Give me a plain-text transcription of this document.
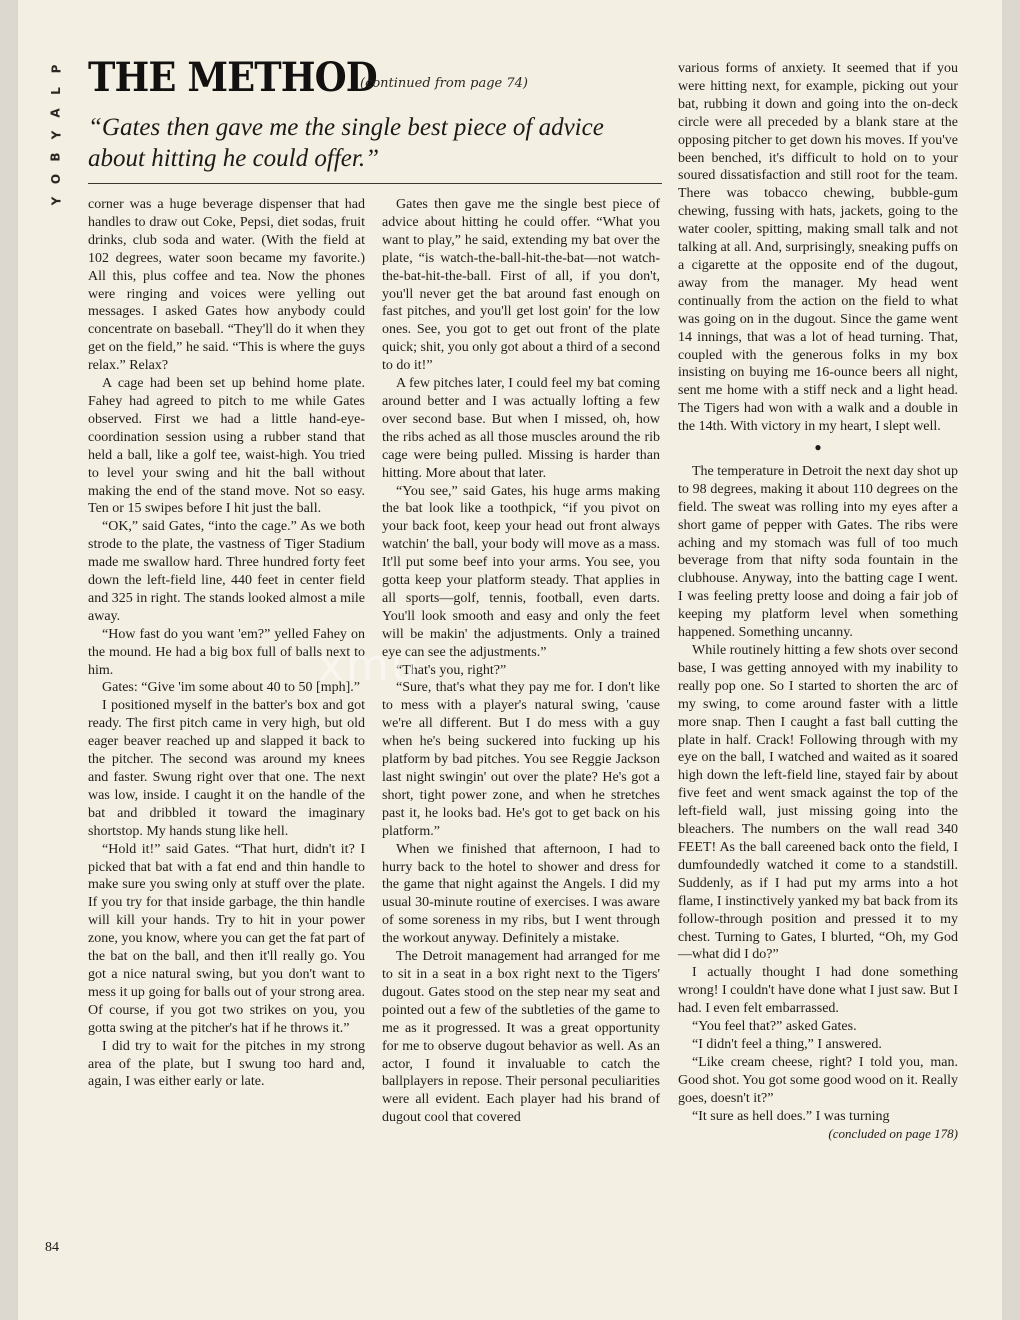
P
L
A
Y
B
O
Y
THE METHOD
(continued from page 74)
“Gates then gave me the single best piece of advice about hitting he could offer.”

corner was a huge beverage dispenser that had handles to draw out Coke, Pepsi, diet sodas, fruit drinks, club soda and water. (With the field at 102 degrees, water soon became my favorite.) All this, plus coffee and tea. Now the phones were ringing and voices were yelling out messages. I asked Gates how anybody could concentrate on baseball. “They'll do it when they get on the field,” he said. “This is where the guys relax.” Relax?

A cage had been set up behind home plate. Fahey had agreed to pitch to me while Gates observed. First we had a little hand-eye-coordination session using a rubber stand that held a ball, like a golf tee, waist-high. You tried to level your swing and hit the ball without making the end of the stand move. Not so easy. Ten or 15 swipes before I hit just the ball.

“OK,” said Gates, “into the cage.” As we both strode to the plate, the vastness of Tiger Stadium made me swallow hard. Three hundred forty feet down the left-field line, 440 feet in center field and 325 in right. The stands looked almost a mile away.

“How fast do you want 'em?” yelled Fahey on the mound. He had a big box full of balls next to him.

Gates: “Give 'im some about 40 to 50 [mph].”

I positioned myself in the batter's box and got ready. The first pitch came in very high, but old eager beaver reached up and slapped it back to the pitcher. The second was around my knees and faster. Swung right over that one. The next was low, inside. I caught it on the handle of the bat and dribbled it toward the imaginary shortstop. My hands stung like hell.

“Hold it!” said Gates. “That hurt, didn't it? I picked that bat with a fat end and thin handle to make sure you swing only at stuff over the plate. If you try for that inside garbage, the thin handle will kill your hands. Try to hit in your power zone, you know, where you can get the fat part of the bat on the ball, and then it'll really go. You got a nice natural swing, but you don't want to mess it up going for balls out of your strong area. Of course, if you got two strikes on you, you gotta swing at the pitcher's hat if he throws it.”

I did try to wait for the pitches in my strong area of the plate, but I swung too hard and, again, I was either early or late.

Gates then gave me the single best piece of advice about hitting he could offer. “What you want to play,” he said, extending my bat over the plate, “is watch-the-ball-hit-the-bat—not watch-the-bat-hit-the-ball. First of all, if you don't, you'll never get the bat around fast enough on fast pitches, and you'll get lost goin' for the low ones. See, you got to get out front of the plate quick; shit, you only got about a third of a second to do it!”

A few pitches later, I could feel my bat coming around better and I was actually lofting a few over second base. But when I missed, oh, how the ribs ached as all those muscles around the rib cage were being pulled. Missing is harder than hitting. More about that later.

“You see,” said Gates, his huge arms making the bat look like a toothpick, “if you pivot on your back foot, keep your head out front always watchin' the ball, your body will move as a mass. It'll put some beef into your arms. You see, you gotta keep your platform steady. That applies in all sports—golf, tennis, football, even darts. You'll look smooth and easy and only the feet will be makin' the adjustments. Only a trained eye can see the adjustments.”

“That's you, right?”

“Sure, that's what they pay me for. I don't like to mess with a player's natural swing, 'cause we're all different. But I do mess with a guy when he's being suckered into fucking up his platform by bad pitches. You see Reggie Jackson last night swingin' out over the plate? He's got a short, tight power zone, and when he stretches past it, he looks bad. He's got to get back on his platform.”

When we finished that afternoon, I had to hurry back to the hotel to shower and dress for the game that night against the Angels. I did my usual 30-minute routine of exercises. I was aware of some soreness in my ribs, but I went through the workout anyway. Definitely a mistake.

The Detroit management had arranged for me to sit in a seat in a box right next to the Tigers' dugout. Gates stood on the step near my seat and pointed out a few of the subtleties of the game to me as it progressed. It was a great opportunity for me to observe dugout behavior as well. As an actor, I found it invaluable to catch the ballplayers in repose. Their personal peculiarities were all evident. Each player had his brand of dugout cool that covered

various forms of anxiety. It seemed that if you were hitting next, for example, picking out your bat, rubbing it down and going into the on-deck circle were all preceded by a blank stare at the opposing pitcher to get down his moves. If you've been benched, it's difficult to hold on to your soured dissatisfaction and still root for the team. There was tobacco chewing, bubble-gum chewing, fussing with hats, jackets, going to the water cooler, spitting, making small talk and not talking at all. And, surprisingly, sneaking puffs on a cigarette at the opposite end of the dugout, away from the manager. My head went continually from the action on the field to what was going on in the dugout. Since the game went 14 innings, that was a lot of head turning. That, coupled with the generous folks in my box insisting on buying me 16-ounce beers all night, sent me home with a stiff neck and a light head. The Tigers had won with a walk and a double in the 14th. With victory in my heart, I slept well.

●

The temperature in Detroit the next day shot up to 98 degrees, making it about 110 degrees on the field. The sweat was rolling into my eyes after a short game of pepper with Gates. The ribs were aching and my stomach was full of too much beverage from that nifty soda fountain in the clubhouse. Anyway, into the batting cage I went. I was feeling pretty loose and doing a fair job of keeping my platform level when something happened. Something uncanny.

While routinely hitting a few shots over second base, I was getting annoyed with my inability to really pop one. So I started to shorten the arc of my swing, to come around faster with a little more snap. Then I caught a fast ball cutting the plate in half. Crack! Following through with my eye on the ball, I watched and waited as it soared high down the left-field line, stayed fair by about five feet and went smack against the top of the left-field wall, just missing going into the bleachers. The numbers on the wall read 340 FEET! As the ball careened back onto the field, I dumfoundedly watched it come to a standstill. Suddenly, as if I had put my arms into a hot flame, I instinctively yanked my bat back from its follow-through position and pressed it to my chest. Turning to Gates, I blurted, “Oh, my God—what did I do?”

I actually thought I had done something wrong! I couldn't have done what I just saw. But I had. I even felt embarrassed.

“You feel that?” asked Gates.

“I didn't feel a thing,” I answered.

“Like cream cheese, right? I told you, man. Good shot. You got some good wood on it. Really goes, doesn't it?”

“It sure as hell does.” I was turning

(concluded on page 178)

84
xmu
